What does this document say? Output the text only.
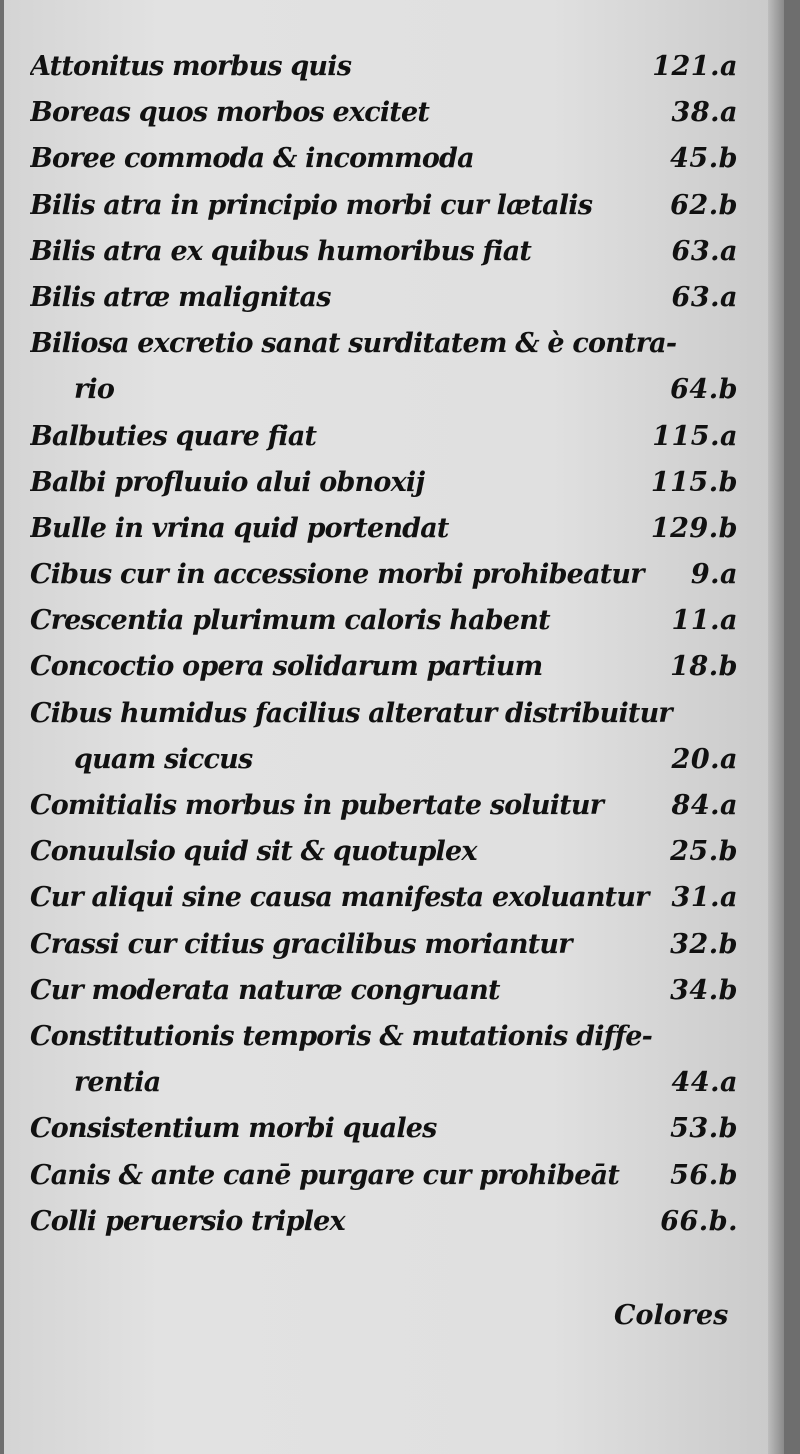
Attonitus morbus quis	121.a
Boreas quos morbos excitet	38.a
Boree commoda & incommoda	45.b
Bilis atra in principio morbi cur lætalis	62.b
Bilis atra ex quibus humoribus fiat	63.a
Bilis atræ malignitas	63.a
Biliosa excretio sanat surditatem & è contra-
rio	64.b
Balbuties quare fiat	115.a
Balbi profluuio alui obnoxij	115.b
Bulle in vrina quid portendat	129.b
Cibus cur in accessione morbi prohibeatur	9.a
Crescentia plurimum caloris habent	11.a
Concoctio opera solidarum partium	18.b
Cibus humidus facilius alteratur distribuitur
quam siccus	20.a
Comitialis morbus in pubertate soluitur	84.a
Conuulsio quid sit & quotuplex	25.b
Cur aliqui sine causa manifesta exoluantur 31.a
Crassi cur citius gracilibus moriantur	32.b
Cur moderata naturæ congruant	34.b
Constitutionis temporis & mutationis diffe-
rentia	44.a
Consistentium morbi quales	53.b
Canis & ante canē purgare cur prohibeāt	56.b
Colli peruersio triplex	66.b.
Colores
